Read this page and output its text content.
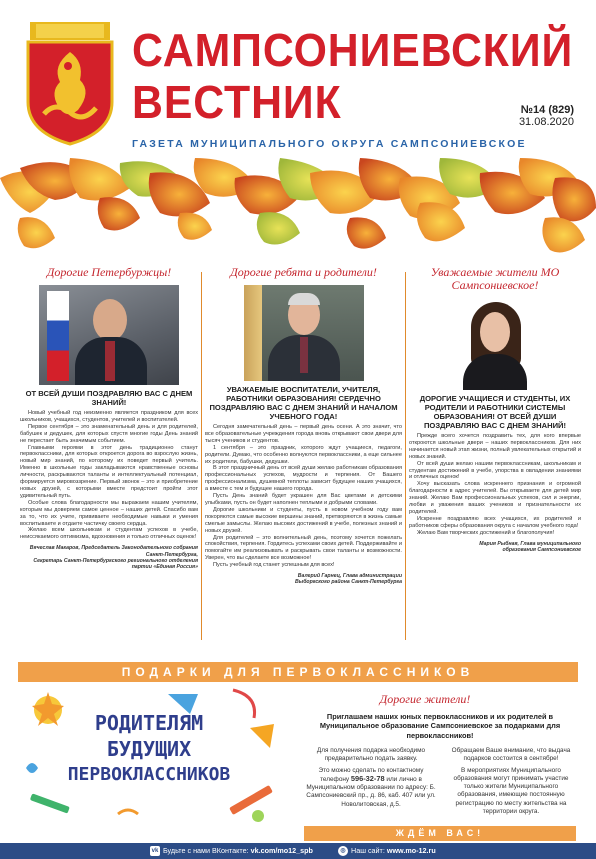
САМПСОНИЕВСКИЙ
ВЕСТНИК	№14 (829)
31.08.2020
ГАЗЕТА МУНИЦИПАЛЬНОГО ОКРУГА САМПСОНИЕВСКОЕ
Дорогие Петербуржцы!
ОТ ВСЕЙ ДУШИ ПОЗДРАВЛЯЮ ВАС С ДНЕМ ЗНАНИЙ!

Новый учебный год неизменно является праздником для всех школьников, учащихся, студентов, учителей и воспитателей.

Первое сентября – это знаменательный день и для родителей, бабушек и дедушек, для которых спустя многие годы День знаний не перестает быть значимым событием.

Главными героями в этот день традиционно станут первоклассники, для которых откроется дорога во взрослую жизнь, новый мир знаний, по которому их поведет первый учитель. Именно в школьные годы закладываются нравственные основы личности, раскрываются таланты и интеллектуальный потенциал, формируется мировоззрение. Первый звонок – это и приобретение новых друзей, с которыми вместе предстоит пройти этот удивительный путь.

Особые слова благодарности мы выражаем нашим учителям, которым мы доверяем самое ценное – наших детей. Спасибо вам за то, что их учите, прививаете необходимые навыки и умения воспитываете и отдаете частичку своего сердца.

Желаю всем школьникам и студентам успехов в учебе, неиссякаемого оптимизма, вдохновения и только отличных оценок!

Вячеслав Макаров, Председатель Законодательного собрания Санкт-Петербурга,
Секретарь Санкт-Петербургского регионального отделения партии «Единая Россия»
Дорогие ребята и родители!
УВАЖАЕМЫЕ ВОСПИТАТЕЛИ, УЧИТЕЛЯ, РАБОТНИКИ ОБРАЗОВАНИЯ! СЕРДЕЧНО ПОЗДРАВЛЯЮ ВАС С ДНЕМ ЗНАНИЙ И НАЧАЛОМ УЧЕБНОГО ГОДА!

Сегодня замечательный день – первый день осени. А это значит, что все образовательные учреждения города вновь открывают свои двери для тысяч учеников и студентов.

1 сентября – это праздник, которого ждут учащиеся, педагоги, родители. Думаю, что особенно волнуются первоклассники, а еще сильнее их родители, бабушки, дедушки.

В этот праздничный день от всей души желаю работникам образования профессиональных успехов, мудрости и терпения. От Вашего профессионализма, душевной теплоты зависит будущее наших учащихся, а вместе с тем и будущее нашего города.

Пусть День знаний будет украшен для Вас цветами и детскими улыбками, пусть он будет наполнен теплыми и добрыми словами.

Дорогие школьники и студенты, пусть в новом учебном году вам покоряются самые высокие вершины знаний, претворяются в жизнь самые смелые замыслы. Желаю высоких достижений в учебе, полезных знаний и новых друзей.

Для родителей – это волнительный день, поэтому хочется пожелать спокойствия, терпения. Гордитесь успехами своих детей. Поддерживайте и помогайте им реализовывать и раскрывать свои таланты и возможности. Уверен, что вы сделаете все возможное!

Пусть учебный год станет успешным для всех!

Валерий Гарнец, Глава администрации
Выборгского района Санкт-Петербурга
Уважаемые жители МО Сампсониевское!
ДОРОГИЕ УЧАЩИЕСЯ И СТУДЕНТЫ, ИХ РОДИТЕЛИ И РАБОТНИКИ СИСТЕМЫ ОБРАЗОВАНИЯ! ОТ ВСЕЙ ДУШИ ПОЗДРАВЛЯЮ ВАС С ДНЕМ ЗНАНИЙ!

Прежде всего хочется поздравить тех, для кого впервые откроются школьные двери – наших первоклассников. Для них начинается новый этап жизни, полный увлекательных открытий и новых знаний.

От всей души желаю нашим первоклассникам, школьникам и студентам достижений в учебе, упорства в овладении знаниями и отличных оценок!

Хочу высказать слова искреннего признания и огромной благодарности в адрес учителей. Вы открываете для детей мир знаний. Желаю Вам профессиональных успехов, сил и энергии, любви и уважения ваших учеников и признательности их родителей.

Искренне поздравляю всех учащихся, их родителей и работников сферы образования округа с началом учебного года!

Желаю Вам творческих достижений и благополучия!

Мария Рыбная, Глава муниципального
образования Сампсониевское
ПОДАРКИ ДЛЯ ПЕРВОКЛАССНИКОВ
РОДИТЕЛЯМ
БУДУЩИХ
ПЕРВОКЛАССНИКОВ
Дорогие жители!
Приглашаем наших юных первоклассников и их родителей в Муниципальное образование Сампсониевское за подарками для первоклассников!

Для получения подарка необходимо предварительно подать заявку.

Это можно сделать по контактному телефону 596-32-78 или лично в Муниципальном образовании по адресу: Б. Сампсониевский пр., д. 86, каб. 407 или ул. Новолитовская, д.5.

Обращаем Ваше внимание, что выдача подарков состоится в сентябре!

В мероприятиях Муниципального образования могут принимать участие только жители Муниципального образования, имеющие постоянную регистрацию по месту жительства на территории округа.

ЖДЁМ ВАС!
vk Будьте с нами ВКонтакте: vk.com/mo12_spb	◎ Наш сайт: www.mo-12.ru
